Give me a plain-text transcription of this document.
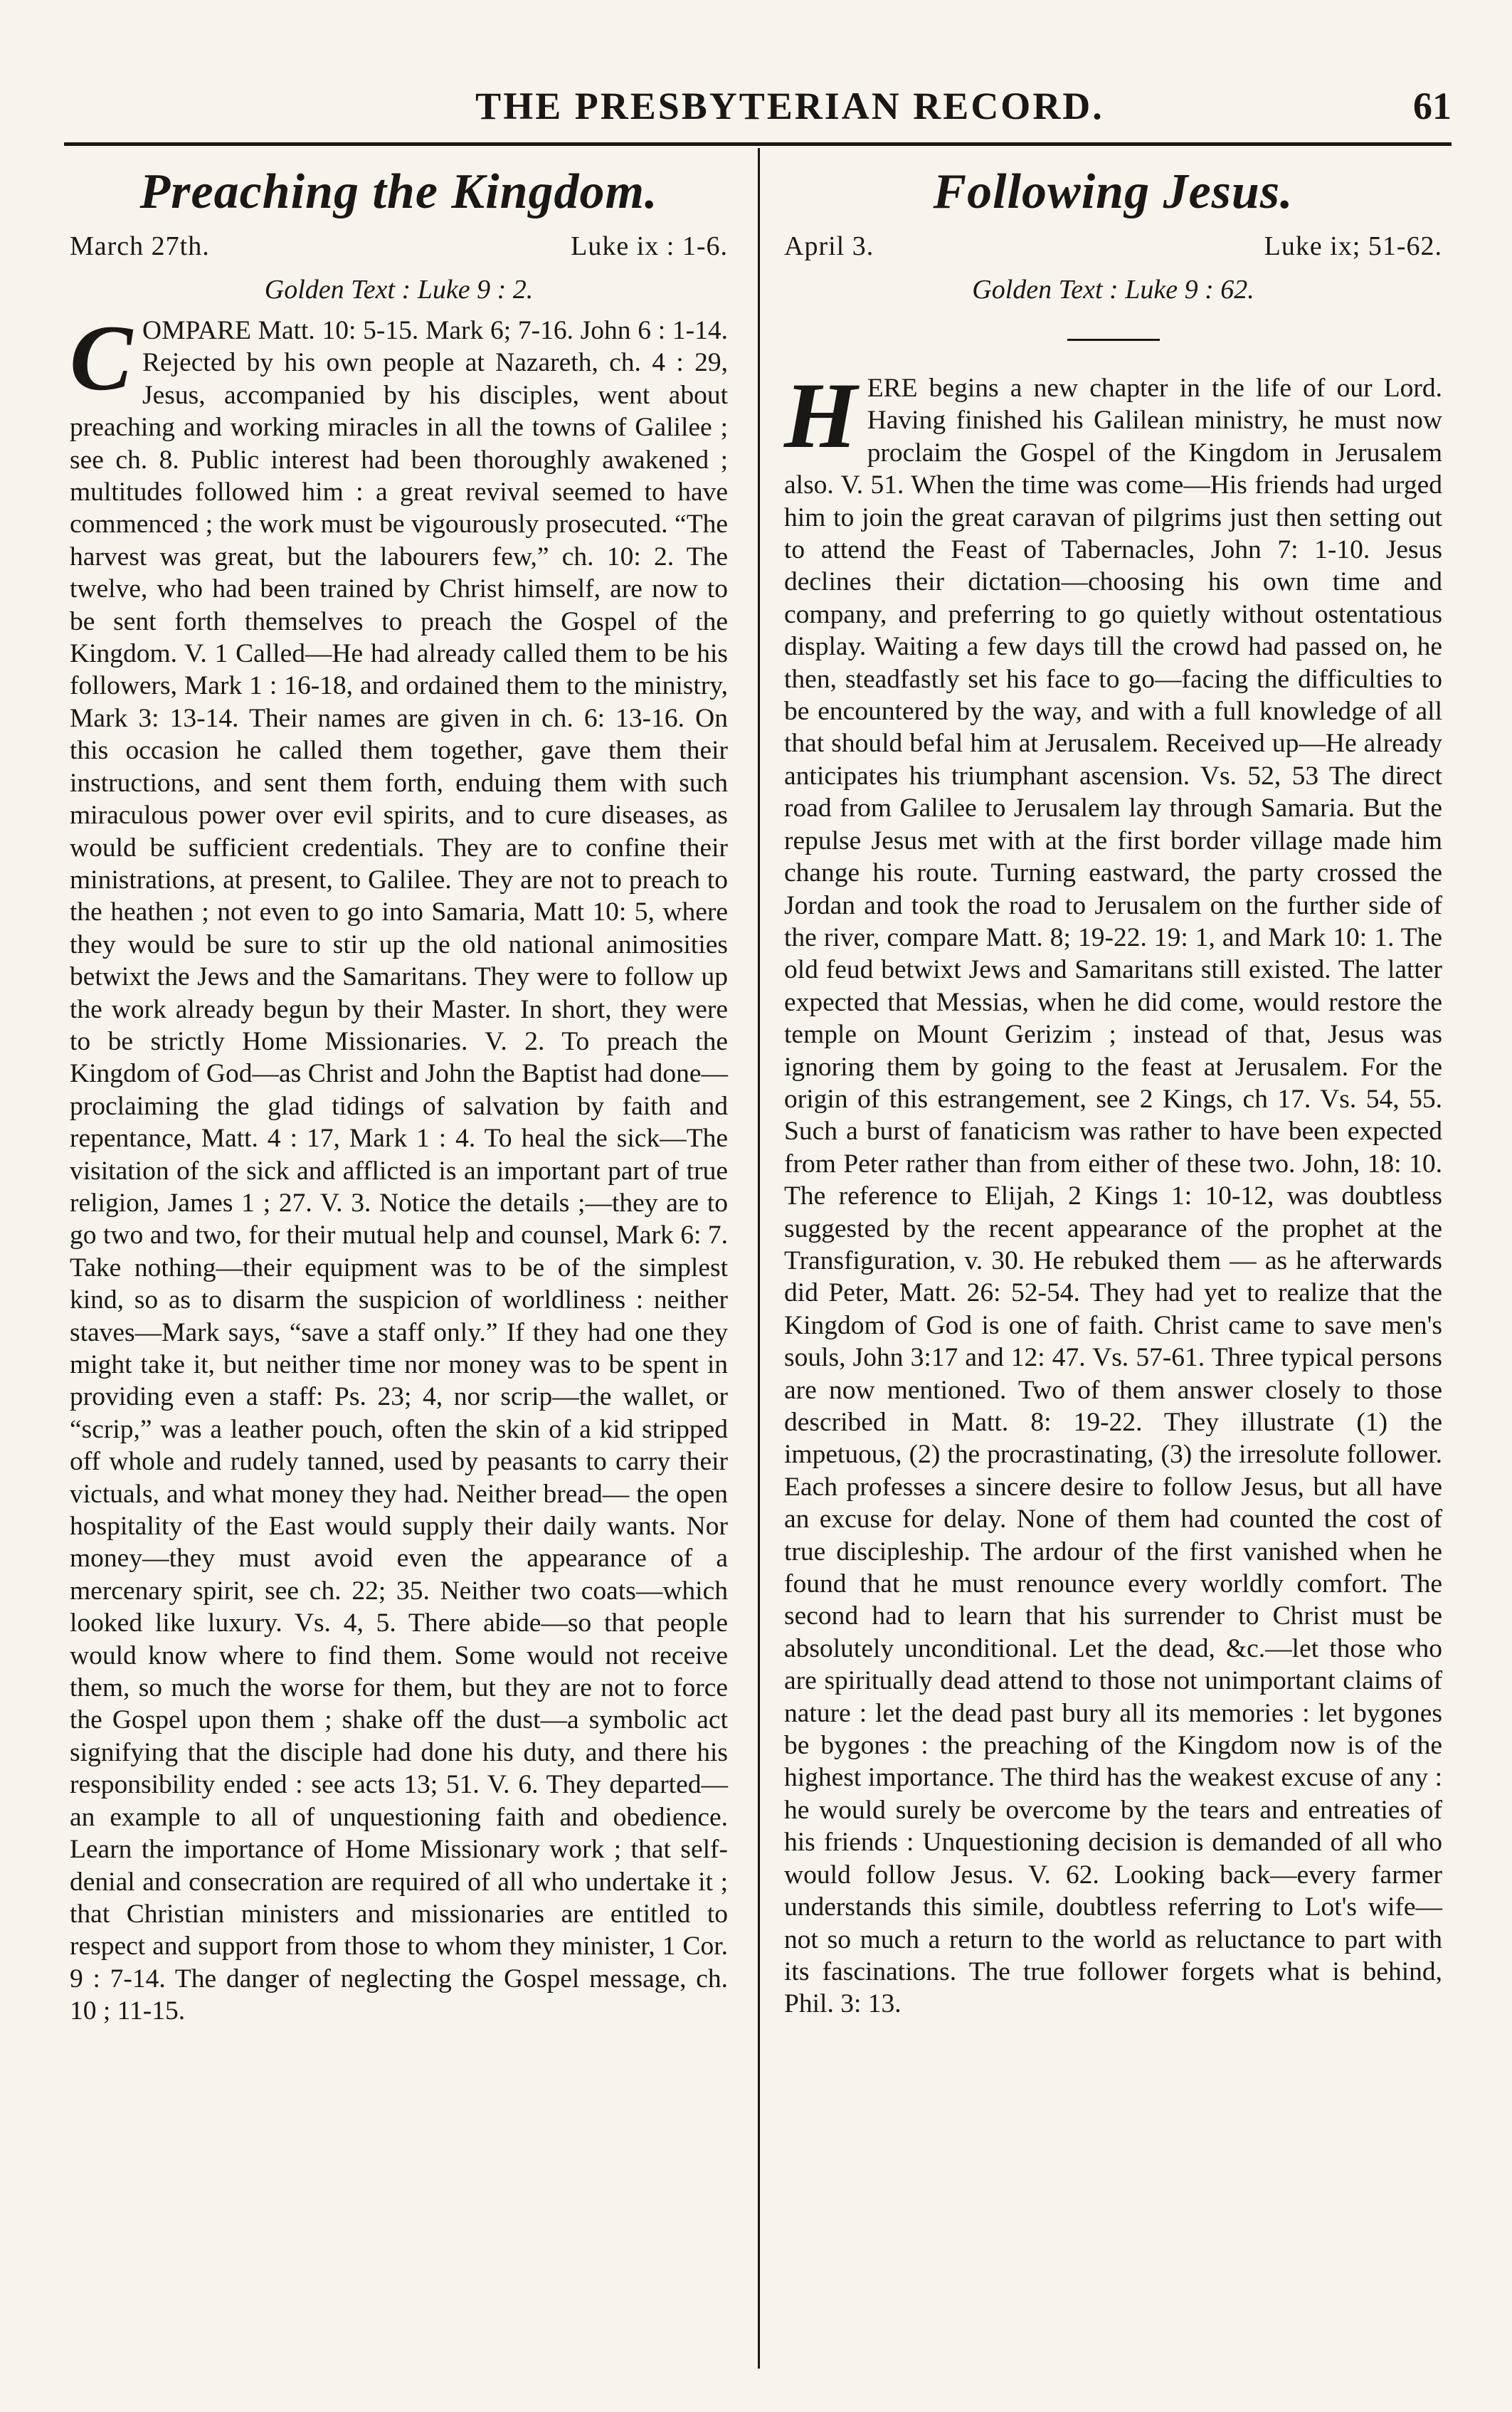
THE PRESBYTERIAN RECORD.	61
Preaching the Kingdom.
March 27th.	Luke ix : 1-6.
Golden Text : Luke 9 : 2.
COMPARE Matt. 10: 5-15. Mark 6; 7-16. John 6 : 1-14. Rejected by his own people at Nazareth, ch. 4 : 29, Jesus, accompanied by his disciples, went about preaching and working miracles in all the towns of Galilee ; see ch. 8. Public interest had been thoroughly awakened ; multitudes followed him : a great revival seemed to have commenced ; the work must be vigourously prosecuted. “The harvest was great, but the labourers few,” ch. 10: 2. The twelve, who had been trained by Christ himself, are now to be sent forth themselves to preach the Gospel of the Kingdom. V. 1 Called—He had already called them to be his followers, Mark 1 : 16-18, and ordained them to the ministry, Mark 3: 13-14. Their names are given in ch. 6: 13-16. On this occasion he called them together, gave them their instructions, and sent them forth, enduing them with such miraculous power over evil spirits, and to cure diseases, as would be sufficient credentials. They are to confine their ministrations, at present, to Galilee. They are not to preach to the heathen ; not even to go into Samaria, Matt 10: 5, where they would be sure to stir up the old national animosities betwixt the Jews and the Samaritans. They were to follow up the work already begun by their Master. In short, they were to be strictly Home Missionaries. V. 2. To preach the Kingdom of God—as Christ and John the Baptist had done—proclaiming the glad tidings of salvation by faith and repentance, Matt. 4 : 17, Mark 1 : 4. To heal the sick—The visitation of the sick and afflicted is an important part of true religion, James 1 ; 27. V. 3. Notice the details ;—they are to go two and two, for their mutual help and counsel, Mark 6: 7. Take nothing—their equipment was to be of the simplest kind, so as to disarm the suspicion of worldliness : neither staves—Mark says, “save a staff only.” If they had one they might take it, but neither time nor money was to be spent in providing even a staff: Ps. 23; 4, nor scrip—the wallet, or “scrip,” was a leather pouch, often the skin of a kid stripped off whole and rudely tanned, used by peasants to carry their victuals, and what money they had. Neither bread— the open hospitality of the East would supply their daily wants. Nor money—they must avoid even the appearance of a mercenary spirit, see ch. 22; 35. Neither two coats—which looked like luxury. Vs. 4, 5. There abide—so that people would know where to find them. Some would not receive them, so much the worse for them, but they are not to force the Gospel upon them ; shake off the dust—a symbolic act signifying that the disciple had done his duty, and there his responsibility ended : see acts 13; 51. V. 6. They departed—an example to all of unquestioning faith and obedience. Learn the importance of Home Missionary work ; that self-denial and consecration are required of all who undertake it ; that Christian ministers and missionaries are entitled to respect and support from those to whom they minister, 1 Cor. 9 : 7-14. The danger of neglecting the Gospel message, ch. 10 ; 11-15.
Following Jesus.
April 3.	Luke ix; 51-62.
Golden Text : Luke 9 : 62.
HERE begins a new chapter in the life of our Lord. Having finished his Galilean ministry, he must now proclaim the Gospel of the Kingdom in Jerusalem also. V. 51. When the time was come—His friends had urged him to join the great caravan of pilgrims just then setting out to attend the Feast of Tabernacles, John 7: 1-10. Jesus declines their dictation—choosing his own time and company, and preferring to go quietly without ostentatious display. Waiting a few days till the crowd had passed on, he then, steadfastly set his face to go—facing the difficulties to be encountered by the way, and with a full knowledge of all that should befal him at Jerusalem. Received up—He already anticipates his triumphant ascension. Vs. 52, 53 The direct road from Galilee to Jerusalem lay through Samaria. But the repulse Jesus met with at the first border village made him change his route. Turning eastward, the party crossed the Jordan and took the road to Jerusalem on the further side of the river, compare Matt. 8; 19-22. 19: 1, and Mark 10: 1. The old feud betwixt Jews and Samaritans still existed. The latter expected that Messias, when he did come, would restore the temple on Mount Gerizim ; instead of that, Jesus was ignoring them by going to the feast at Jerusalem. For the origin of this estrangement, see 2 Kings, ch 17. Vs. 54, 55. Such a burst of fanaticism was rather to have been expected from Peter rather than from either of these two. John, 18: 10. The reference to Elijah, 2 Kings 1: 10-12, was doubtless suggested by the recent appearance of the prophet at the Transfiguration, v. 30. He rebuked them — as he afterwards did Peter, Matt. 26: 52-54. They had yet to realize that the Kingdom of God is one of faith. Christ came to save men's souls, John 3:17 and 12: 47. Vs. 57-61. Three typical persons are now mentioned. Two of them answer closely to those described in Matt. 8: 19-22. They illustrate (1) the impetuous, (2) the procrastinating, (3) the irresolute follower. Each professes a sincere desire to follow Jesus, but all have an excuse for delay. None of them had counted the cost of true discipleship. The ardour of the first vanished when he found that he must renounce every worldly comfort. The second had to learn that his surrender to Christ must be absolutely unconditional. Let the dead, &c.—let those who are spiritually dead attend to those not unimportant claims of nature : let the dead past bury all its memories : let bygones be bygones : the preaching of the Kingdom now is of the highest importance. The third has the weakest excuse of any : he would surely be overcome by the tears and entreaties of his friends : Unquestioning decision is demanded of all who would follow Jesus. V. 62. Looking back—every farmer understands this simile, doubtless referring to Lot's wife—not so much a return to the world as reluctance to part with its fascinations. The true follower forgets what is behind, Phil. 3: 13.
